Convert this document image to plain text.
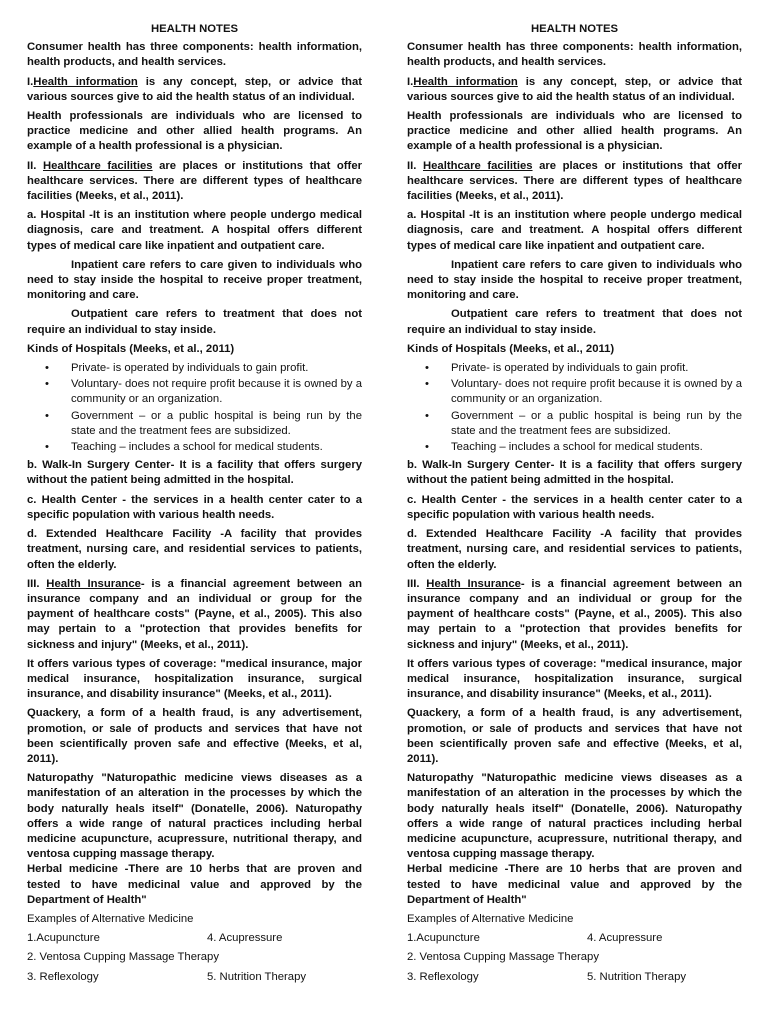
HEALTH NOTES

Consumer health has three components: health information, health products, and health services.

I.Health information is any concept, step, or advice that various sources give to aid the health status of an individual.

Health professionals are individuals who are licensed to practice medicine and other allied health programs. An example of a health professional is a physician.

II. Healthcare facilities are places or institutions that offer healthcare services. There are different types of healthcare facilities (Meeks, et al., 2011).

a. Hospital -It is an institution where people undergo medical diagnosis, care and treatment. A hospital offers different types of medical care like inpatient and outpatient care.

Inpatient care refers to care given to individuals who need to stay inside the hospital to receive proper treatment, monitoring and care.

Outpatient care refers to treatment that does not require an individual to stay inside.

Kinds of Hospitals (Meeks, et al., 2011)

• Private- is operated by individuals to gain profit.
• Voluntary- does not require profit because it is owned by a community or an organization.
• Government – or a public hospital is being run by the state and the treatment fees are subsidized.
• Teaching – includes a school for medical students.

b. Walk-In Surgery Center- It is a facility that offers surgery without the patient being admitted in the hospital.

c. Health Center - the services in a health center cater to a specific population with various health needs.

d. Extended Healthcare Facility -A facility that provides treatment, nursing care, and residential services to patients, often the elderly.

III. Health Insurance- is a financial agreement between an insurance company and an individual or group for the payment of healthcare costs" (Payne, et al., 2005). This also may pertain to a "protection that provides benefits for sickness and injury" (Meeks, et al., 2011).

It offers various types of coverage: "medical insurance, major medical insurance, hospitalization insurance, surgical insurance, and disability insurance" (Meeks, et al., 2011).

Quackery, a form of a health fraud, is any advertisement, promotion, or sale of products and services that have not been scientifically proven safe and effective (Meeks, et al, 2011).

Naturopathy "Naturopathic medicine views diseases as a manifestation of an alteration in the processes by which the body naturally heals itself" (Donatelle, 2006). Naturopathy offers a wide range of natural practices including herbal medicine acupuncture, acupressure, nutritional therapy, and ventosa cupping massage therapy.

Herbal medicine -There are 10 herbs that are proven and tested to have medicinal value and approved by the Department of Health"

Examples of Alternative Medicine

1.Acupuncture	4. Acupressure
2. Ventosa Cupping Massage Therapy
3. Reflexology	5. Nutrition Therapy
HEALTH NOTES

Consumer health has three components: health information, health products, and health services.

I.Health information is any concept, step, or advice that various sources give to aid the health status of an individual.

Health professionals are individuals who are licensed to practice medicine and other allied health programs. An example of a health professional is a physician.

II. Healthcare facilities are places or institutions that offer healthcare services. There are different types of healthcare facilities (Meeks, et al., 2011).

a. Hospital -It is an institution where people undergo medical diagnosis, care and treatment. A hospital offers different types of medical care like inpatient and outpatient care.

Inpatient care refers to care given to individuals who need to stay inside the hospital to receive proper treatment, monitoring and care.

Outpatient care refers to treatment that does not require an individual to stay inside.

Kinds of Hospitals (Meeks, et al., 2011)

• Private- is operated by individuals to gain profit.
• Voluntary- does not require profit because it is owned by a community or an organization.
• Government – or a public hospital is being run by the state and the treatment fees are subsidized.
• Teaching – includes a school for medical students.

b. Walk-In Surgery Center- It is a facility that offers surgery without the patient being admitted in the hospital.

c. Health Center - the services in a health center cater to a specific population with various health needs.

d. Extended Healthcare Facility -A facility that provides treatment, nursing care, and residential services to patients, often the elderly.

III. Health Insurance- is a financial agreement between an insurance company and an individual or group for the payment of healthcare costs" (Payne, et al., 2005). This also may pertain to a "protection that provides benefits for sickness and injury" (Meeks, et al., 2011).

It offers various types of coverage: "medical insurance, major medical insurance, hospitalization insurance, surgical insurance, and disability insurance" (Meeks, et al., 2011).

Quackery, a form of a health fraud, is any advertisement, promotion, or sale of products and services that have not been scientifically proven safe and effective (Meeks, et al, 2011).

Naturopathy "Naturopathic medicine views diseases as a manifestation of an alteration in the processes by which the body naturally heals itself" (Donatelle, 2006). Naturopathy offers a wide range of natural practices including herbal medicine acupuncture, acupressure, nutritional therapy, and ventosa cupping massage therapy.

Herbal medicine -There are 10 herbs that are proven and tested to have medicinal value and approved by the Department of Health"

Examples of Alternative Medicine

1.Acupuncture	4. Acupressure
2. Ventosa Cupping Massage Therapy
3. Reflexology	5. Nutrition Therapy
